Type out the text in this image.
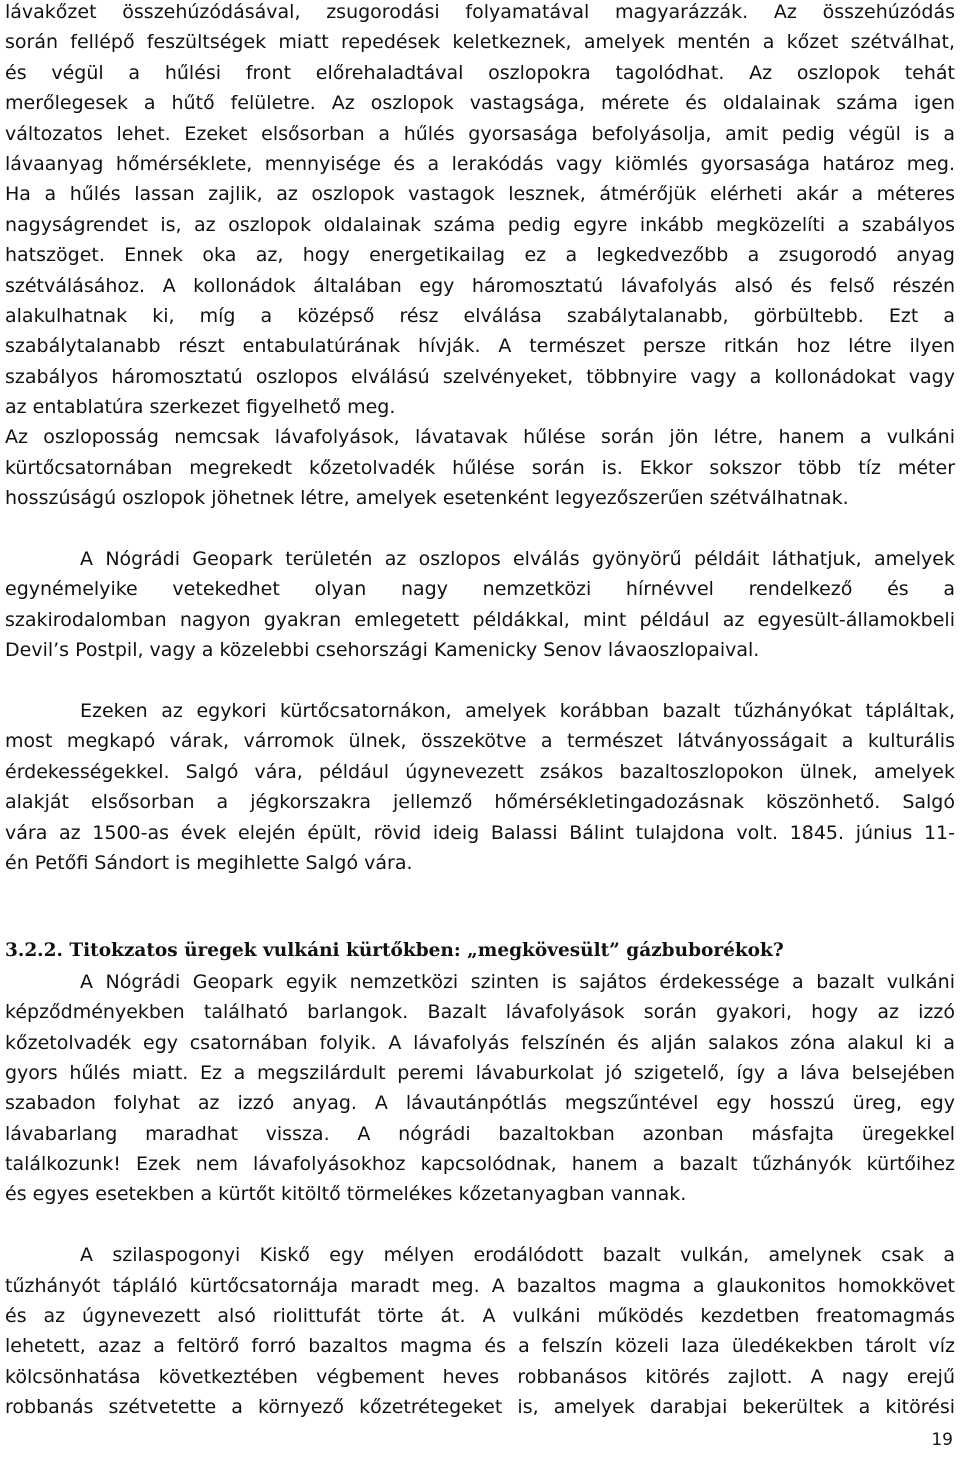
lávakőzet összehúzódásával, zsugorodási folyamatával magyarázzák. Az összehúzódás
során fellépő feszültségek miatt repedések keletkeznek, amelyek mentén a kőzet szétválhat,
és végül a hűlési front előrehaladtával oszlopokra tagolódhat. Az oszlopok tehát
merőlegesek a hűtő felületre. Az oszlopok vastagsága, mérete és oldalainak száma igen
változatos lehet. Ezeket elsősorban a hűlés gyorsasága befolyásolja, amit pedig végül is a
lávaanyag hőmérséklete, mennyisége és a lerakódás vagy kiömlés gyorsasága határoz meg.
Ha a hűlés lassan zajlik, az oszlopok vastagok lesznek, átmérőjük elérheti akár a méteres
nagyságrendet is, az oszlopok oldalainak száma pedig egyre inkább megközelíti a szabályos
hatszöget. Ennek oka az, hogy energetikailag ez a legkedvezőbb a zsugorodó anyag
szétválásához. A kollonádok általában egy háromosztatú lávafolyás alsó és felső részén
alakulhatnak ki, míg a középső rész elválása szabálytalanabb, görbültebb. Ezt a
szabálytalanabb részt entabulatúrának hívják. A természet persze ritkán hoz létre ilyen
szabályos háromosztatú oszlopos elválású szelvényeket, többnyire vagy a kollonádokat vagy
az entablatúra szerkezet figyelhető meg.
Az oszloposság nemcsak lávafolyások, lávatavak hűlése során jön létre, hanem a vulkáni
kürtőcsatornában megrekedt kőzetolvadék hűlése során is. Ekkor sokszor több tíz méter
hosszúságú oszlopok jöhetnek létre, amelyek esetenként legyezőszerűen szétválhatnak.
A Nógrádi Geopark területén az oszlopos elválás gyönyörű példáit láthatjuk, amelyek
egynémelyike vetekedhet olyan nagy nemzetközi hírnévvel rendelkező és a
szakirodalomban nagyon gyakran emlegetett példákkal, mint például az egyesült-államokbeli
Devil’s Postpil, vagy a közelebbi csehországi Kamenicky Senov lávaoszlopaival.
Ezeken az egykori kürtőcsatornákon, amelyek korábban bazalt tűzhányókat tápláltak,
most megkapó várak, várromok ülnek, összekötve a természet látványosságait a kulturális
érdekességekkel. Salgó vára, például úgynevezett zsákos bazaltoszlopokon ülnek, amelyek
alakját elsősorban a jégkorszakra jellemző hőmérsékletingadozásnak köszönhető. Salgó
vára az 1500-as évek elején épült, rövid ideig Balassi Bálint tulajdona volt. 1845. június 11-
én Petőfi Sándort is megihlette Salgó vára.
3.2.2. Titokzatos üregek vulkáni kürtőkben: „megkövesült” gázbuborékok?
A Nógrádi Geopark egyik nemzetközi szinten is sajátos érdekessége a bazalt vulkáni
képződményekben található barlangok. Bazalt lávafolyások során gyakori, hogy az izzó
kőzetolvadék egy csatornában folyik. A lávafolyás felszínén és alján salakos zóna alakul ki a
gyors hűlés miatt. Ez a megszilárdult peremi lávaburkolat jó szigetelő, így a láva belsejében
szabadon folyhat az izzó anyag. A lávautánpótlás megszűntével egy hosszú üreg, egy
lávabarlang maradhat vissza. A nógrádi bazaltokban azonban másfajta üregekkel
találkozunk! Ezek nem lávafolyásokhoz kapcsolódnak, hanem a bazalt tűzhányók kürtőihez
és egyes esetekben a kürtőt kitöltő törmelékes kőzetanyagban vannak.
A szilaspogonyi Kiskő egy mélyen erodálódott bazalt vulkán, amelynek csak a
tűzhányót tápláló kürtőcsatornája maradt meg. A bazaltos magma a glaukonitos homokkövet
és az úgynevezett alsó riolittufát törte át. A vulkáni működés kezdetben freatomagmás
lehetett, azaz a feltörő forró bazaltos magma és a felszín közeli laza üledékekben tárolt víz
kölcsönhatása következtében végbement heves robbanásos kitörés zajlott. A nagy erejű
robbanás szétvetette a környező kőzetrétegeket is, amelyek darabjai bekerültek a kitörési
19
